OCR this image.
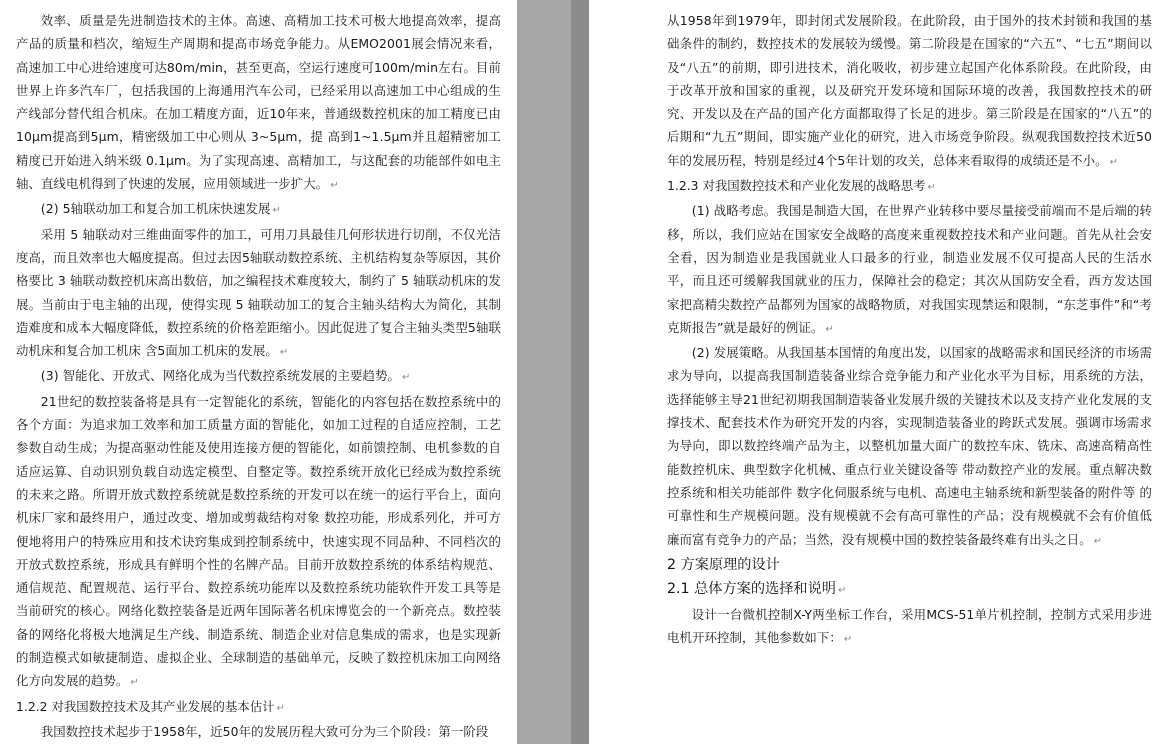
效率、质量是先进制造技术的主体。高速、高精加工技术可极大地提高效率，提高产品的质量和档次，缩短生产周期和提高市场竞争能力。从EMO2001展会情况来看，高速加工中心进给速度可达80m/min，甚至更高，空运行速度可100m/min左右。目前世界上许多汽车厂，包括我国的上海通用汽车公司，已经采用以高速加工中心组成的生产线部分替代组合机床。在加工精度方面，近10年来，普通级数控机床的加工精度已由10μm提高到5μm，精密级加工中心则从 3~5μm，提 高到1~1.5μm并且超精密加工精度已开始进入纳米级 0.1μm。为了实现高速、高精加工，与这配套的功能部件如电主轴、直线电机得到了快速的发展，应用领域进一步扩大。 ↵

(2) 5轴联动加工和复合加工机床快速发展 ↵

采用 5 轴联动对三维曲面零件的加工，可用刀具最佳几何形状进行切削，不仅光洁度高，而且效率也大幅度提高。但过去因5轴联动数控系统、主机结构复杂等原因，其价格要比 3 轴联动数控机床高出数倍，加之编程技术难度较大，制约了 5 轴联动机床的发展。当前由于电主轴的出现，使得实现 5 轴联动加工的复合主轴头结构大为简化，其制造难度和成本大幅度降低，数控系统的价格差距缩小。因此促进了复合主轴头类型5轴联动机床和复合加工机床 含5面加工机床的发展。 ↵

(3) 智能化、开放式、网络化成为当代数控系统发展的主要趋势。 ↵

21世纪的数控装备将是具有一定智能化的系统，智能化的内容包括在数控系统中的各个方面：为追求加工效率和加工质量方面的智能化，如加工过程的自适应控制，工艺参数自动生成；为提高驱动性能及使用连接方便的智能化，如前馈控制、电机参数的自适应运算、自动识别负载自动选定模型、自整定等。数控系统开放化已经成为数控系统的未来之路。所谓开放式数控系统就是数控系统的开发可以在统一的运行平台上，面向机床厂家和最终用户，通过改变、增加或剪裁结构对象 数控功能，形成系列化，并可方便地将用户的特殊应用和技术诀窍集成到控制系统中，快速实现不同品种、不同档次的开放式数控系统，形成具有鲜明个性的名牌产品。目前开放数控系统的体系结构规范、通信规范、配置规范、运行平台、数控系统功能库以及数控系统功能软件开发工具等是当前研究的核心。网络化数控装备是近两年国际著名机床博览会的一个新亮点。数控装备的网络化将极大地满足生产线、制造系统、制造企业对信息集成的需求，也是实现新的制造模式如敏捷制造、虚拟企业、全球制造的基础单元，反映了数控机床加工向网络化方向发展的趋势。 ↵

1.2.2 对我国数控技术及其产业发展的基本估计 ↵

我国数控技术起步于1958年，近50年的发展历程大致可分为三个阶段：第一阶段

从1958年到1979年，即封闭式发展阶段。在此阶段，由于国外的技术封锁和我国的基础条件的制约，数控技术的发展较为缓慢。第二阶段是在国家的“六五”、“七五”期间以及“八五”的前期，即引进技术，消化吸收，初步建立起国产化体系阶段。在此阶段，由于改革开放和国家的重视，以及研究开发环境和国际环境的改善，我国数控技术的研究、开发以及在产品的国产化方面都取得了长足的进步。第三阶段是在国家的“八五”的后期和“九五”期间，即实施产业化的研究，进入市场竞争阶段。纵观我国数控技术近50年的发展历程，特别是经过4个5年计划的攻关，总体来看取得的成绩还是不小。 ↵

1.2.3 对我国数控技术和产业化发展的战略思考 ↵

(1) 战略考虑。我国是制造大国，在世界产业转移中要尽量接受前端而不是后端的转移，所以，我们应站在国家安全战略的高度来重视数控技术和产业问题。首先从社会安全看，因为制造业是我国就业人口最多的行业，制造业发展不仅可提高人民的生活水平，而且还可缓解我国就业的压力，保障社会的稳定；其次从国防安全看，西方发达国家把高精尖数控产品都列为国家的战略物质，对我国实现禁运和限制，“东芝事件”和“考克斯报告”就是最好的例证。 ↵

(2) 发展策略。从我国基本国情的角度出发，以国家的战略需求和国民经济的市场需求为导向，以提高我国制造装备业综合竞争能力和产业化水平为目标，用系统的方法，选择能够主导21世纪初期我国制造装备业发展升级的关键技术以及支持产业化发展的支撑技术、配套技术作为研究开发的内容，实现制造装备业的跨跃式发展。强调市场需求为导向，即以数控终端产品为主，以整机加量大面广的数控车床、铣床、高速高精高性能数控机床、典型数字化机械、重点行业关键设备等 带动数控产业的发展。重点解决数控系统和相关功能部件 数字化伺服系统与电机、高速电主轴系统和新型装备的附件等 的可靠性和生产规模问题。没有规模就不会有高可靠性的产品；没有规模就不会有价值低廉而富有竞争力的产品；当然，没有规模中国的数控装备最终难有出头之日。 ↵

2 方案原理的设计

2.1 总体方案的选择和说明 ↵

设计一台微机控制X-Y两坐标工作台，采用MCS-51单片机控制，控制方式采用步进电机开环控制，其他参数如下： ↵
